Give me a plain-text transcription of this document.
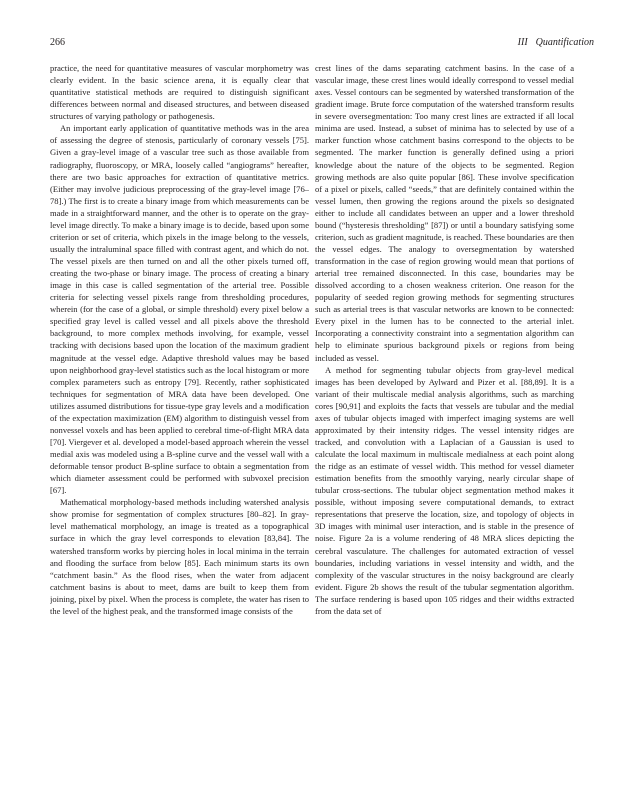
266	III Quantification

practice, the need for quantitative measures of vascular morphometry was clearly evident. In the basic science arena, it is equally clear that quantitative statistical methods are required to distinguish significant differences between normal and diseased structures, and between diseased structures of varying pathology or pathogenesis.

An important early application of quantitative methods was in the area of assessing the degree of stenosis, particularly of coronary vessels [75]. Given a gray-level image of a vascular tree such as those available from radiography, fluoroscopy, or MRA, loosely called “angiograms” hereafter, there are two basic approaches for extraction of quantitative metrics. (Either may involve judicious preprocessing of the gray-level image [76–78].) The first is to create a binary image from which measurements can be made in a straightforward manner, and the other is to operate on the gray-level image directly. To make a binary image is to decide, based upon some criterion or set of criteria, which pixels in the image belong to the vessels, usually the intraluminal space filled with contrast agent, and which do not. The vessel pixels are then turned on and all the other pixels turned off, creating the two-phase or binary image. The process of creating a binary image in this case is called segmentation of the arterial tree. Possible criteria for selecting vessel pixels range from thresholding procedures, wherein (for the case of a global, or simple threshold) every pixel below a specified gray level is called vessel and all pixels above the threshold background, to more complex methods involving, for example, vessel tracking with decisions based upon the location of the maximum gradient magnitude at the vessel edge. Adaptive threshold values may be based upon neighborhood gray-level statistics such as the local histogram or more complex parameters such as entropy [79]. Recently, rather sophisticated techniques for segmentation of MRA data have been developed. One utilizes assumed distributions for tissue-type gray levels and a modification of the expectation maximization (EM) algorithm to distinguish vessel from nonvessel voxels and has been applied to cerebral time-of-flight MRA data [70]. Viergever et al. developed a model-based approach wherein the vessel medial axis was modeled using a B-spline curve and the vessel wall with a deformable tensor product B-spline surface to obtain a segmentation from which diameter assessment could be performed with subvoxel precision [67].

Mathematical morphology-based methods including watershed analysis show promise for segmentation of complex structures [80–82]. In gray-level mathematical morphology, an image is treated as a topographical surface in which the gray level corresponds to elevation [83,84]. The watershed transform works by piercing holes in local minima in the terrain and flooding the surface from below [85]. Each minimum starts its own “catchment basin.” As the flood rises, when the water from adjacent catchment basins is about to meet, dams are built to keep them from joining, pixel by pixel. When the process is complete, the water has risen to the level of the highest peak, and the transformed image consists of the

crest lines of the dams separating catchment basins. In the case of a vascular image, these crest lines would ideally correspond to vessel medial axes. Vessel contours can be segmented by watershed transformation of the gradient image. Brute force computation of the watershed transform results in severe oversegmentation: Too many crest lines are extracted if all local minima are used. Instead, a subset of minima has to selected by use of a marker function whose catchment basins correspond to the objects to be segmented. The marker function is generally defined using a priori knowledge about the nature of the objects to be segmented. Region growing methods are also quite popular [86]. These involve specification of a pixel or pixels, called “seeds,” that are definitely contained within the vessel lumen, then growing the regions around the pixels so designated either to include all candidates between an upper and a lower threshold bound (“hysteresis thresholding” [87]) or until a boundary satisfying some criterion, such as gradient magnitude, is reached. These boundaries are then the vessel edges. The analogy to oversegmentation by watershed transformation in the case of region growing would mean that portions of arterial tree remained disconnected. In this case, boundaries may be dissolved according to a chosen weakness criterion. One reason for the popularity of seeded region growing methods for segmenting structures such as arterial trees is that vascular networks are known to be connected: Every pixel in the lumen has to be connected to the arterial inlet. Incorporating a connectivity constraint into a segmentation algorithm can help to eliminate spurious background pixels or regions from being included as vessel.

A method for segmenting tubular objects from gray-level medical images has been developed by Aylward and Pizer et al. [88,89]. It is a variant of their multiscale medial analysis algorithms, such as marching cores [90,91] and exploits the facts that vessels are tubular and the medial axes of tubular objects imaged with imperfect imaging systems are well approximated by their intensity ridges. The vessel intensity ridges are tracked, and convolution with a Laplacian of a Gaussian is used to calculate the local maximum in multiscale medialness at each point along the ridge as an estimate of vessel width. This method for vessel diameter estimation benefits from the smoothly varying, nearly circular shape of tubular cross-sections. The tubular object segmentation method makes it possible, without imposing severe computational demands, to extract representations that preserve the location, size, and topology of objects in 3D images with minimal user interaction, and is stable in the presence of noise. Figure 2a is a volume rendering of 48 MRA slices depicting the cerebral vasculature. The challenges for automated extraction of vessel boundaries, including variations in vessel intensity and width, and the complexity of the vascular structures in the noisy background are clearly evident. Figure 2b shows the result of the tubular segmentation algorithm. The surface rendering is based upon 105 ridges and their widths extracted from the data set of
